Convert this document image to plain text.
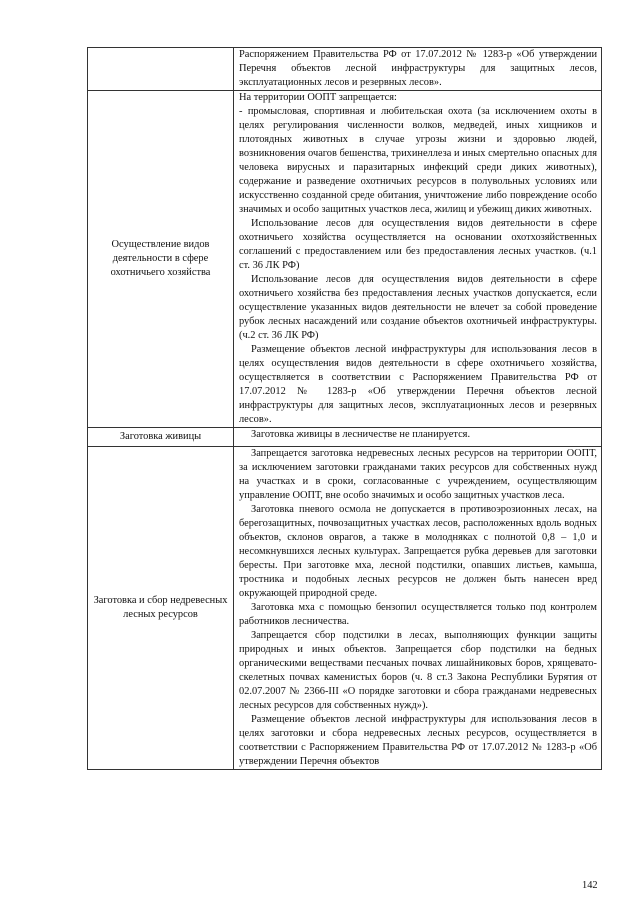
	Распоряжением Правительства РФ от 17.07.2012 № 1283-р «Об утверждении Перечня объектов лесной инфраструктуры для защитных лесов, эксплуатационных лесов и резервных лесов».

Осуществление видов деятельности в сфере охотничьего хозяйства	На территории ООПТ запрещается:

- промысловая, спортивная и любительская охота (за исключением охоты в целях регулирования численности волков, медведей, иных хищников и плотоядных животных в случае угрозы жизни и здоровью людей, возникновения очагов бешенства, трихинеллеза и иных смертельно опасных для человека вирусных и паразитарных инфекций среди диких животных), содержание и разведение охотничьих ресурсов в полувольных условиях или искусственно созданной среде обитания, уничтожение либо повреждение особо значимых и особо защитных участков леса, жилищ и убежищ диких животных.

Использование лесов для осуществления видов деятельности в сфере охотничьего хозяйства осуществляется на основании охотхозяйственных соглашений с предоставлением или без предоставления лесных участков. (ч.1 ст. 36 ЛК РФ)

Использование лесов для осуществления видов деятельности в сфере охотничьего хозяйства без предоставления лесных участков допускается, если осуществление указанных видов деятельности не влечет за собой проведение рубок лесных насаждений или создание объектов охотничьей инфраструктуры. (ч.2 ст. 36 ЛК РФ)

Размещение объектов лесной инфраструктуры для использования лесов в целях осуществления видов деятельности в сфере охотничьего хозяйства, осуществляется в соответствии с Распоряжением Правительства РФ от 17.07.2012 № 1283-р «Об утверждении Перечня объектов лесной инфраструктуры для защитных лесов, эксплуатационных лесов и резервных лесов».

Заготовка живицы	Заготовка живицы в лесничестве не планируется.

Заготовка и сбор недревесных лесных ресурсов	Запрещается заготовка недревесных лесных ресурсов на территории ООПТ, за исключением заготовки гражданами таких ресурсов для собственных нужд на участках и в сроки, согласованные с учреждением, осуществляющим управление ООПТ, вне особо значимых и особо защитных участков леса.

Заготовка пневого осмола не допускается в противоэрозионных лесах, на берегозащитных, почвозащитных участках лесов, расположенных вдоль водных объектов, склонов оврагов, а также в молодняках с полнотой 0,8 – 1,0 и несомкнувшихся лесных культурах. Запрещается рубка деревьев для заготовки бересты. При заготовке мха, лесной подстилки, опавших листьев, камыша, тростника и подобных лесных ресурсов не должен быть нанесен вред окружающей природной среде.

Заготовка мха с помощью бензопил осуществляется только под контролем работников лесничества.

Запрещается сбор подстилки в лесах, выполняющих функции защиты природных и иных объектов. Запрещается сбор подстилки на бедных органическими веществами песчаных почвах лишайниковых боров, хрящевато-скелетных почвах каменистых боров (ч. 8 ст.3 Закона Республики Бурятия от 02.07.2007 № 2366-III «О порядке заготовки и сбора гражданами недревесных лесных ресурсов для собственных нужд»).

Размещение объектов лесной инфраструктуры для использования лесов в целях заготовки и сбора недревесных лесных ресурсов, осуществляется в соответствии с Распоряжением Правительства РФ от 17.07.2012 № 1283-р «Об утверждении Перечня объектов

142
